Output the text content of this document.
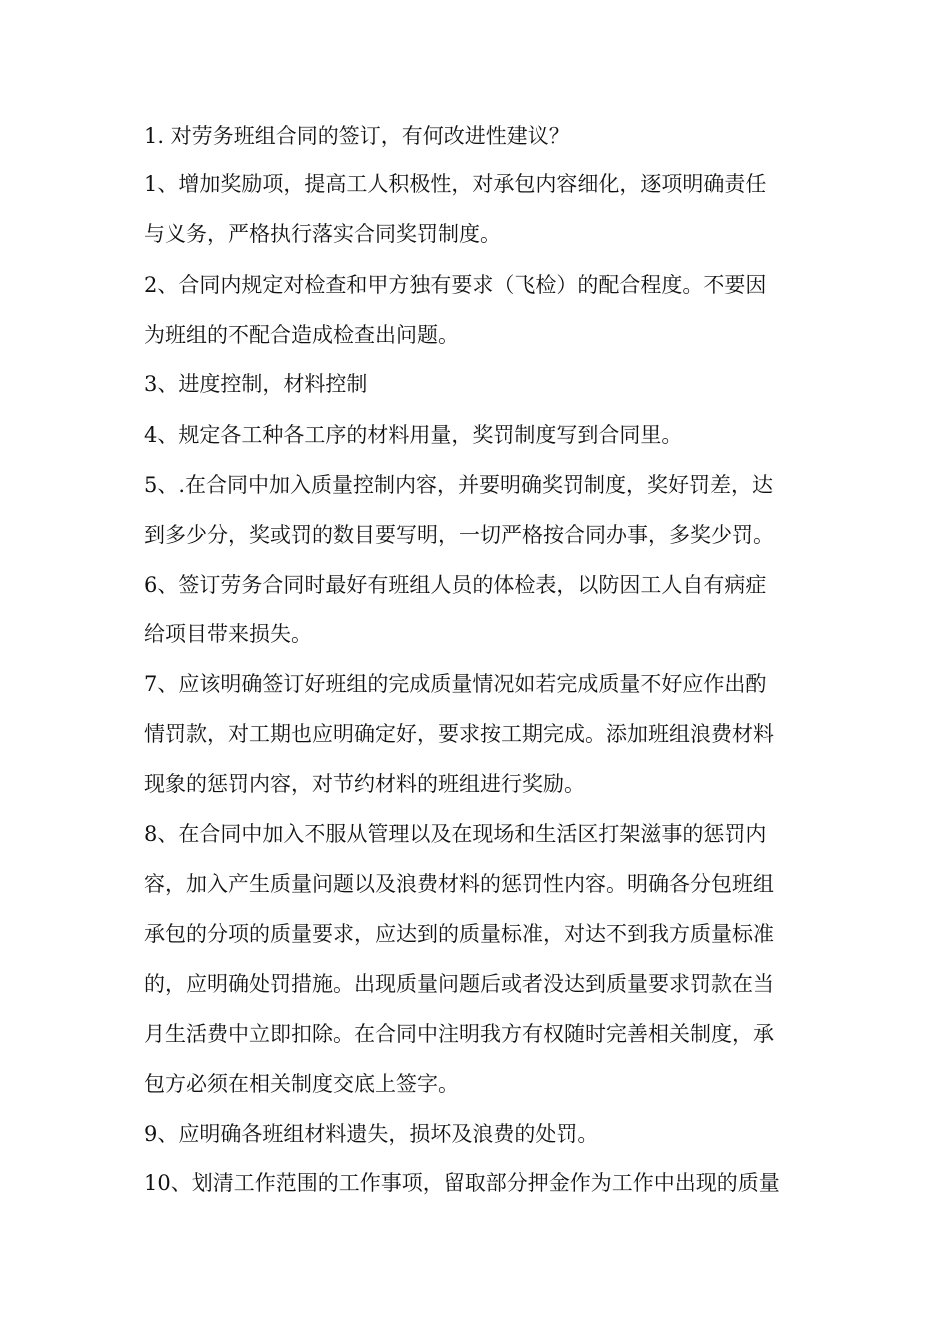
1. 对劳务班组合同的签订，有何改进性建议？
1、增加奖励项，提高工人积极性，对承包内容细化，逐项明确责任
与义务，严格执行落实合同奖罚制度。
2、合同内规定对检查和甲方独有要求（飞检）的配合程度。不要因
为班组的不配合造成检查出问题。
3、进度控制，材料控制
4、规定各工种各工序的材料用量，奖罚制度写到合同里。
5、.在合同中加入质量控制内容，并要明确奖罚制度，奖好罚差，达
到多少分，奖或罚的数目要写明，一切严格按合同办事，多奖少罚。
6、签订劳务合同时最好有班组人员的体检表，以防因工人自有病症
给项目带来损失。
7、应该明确签订好班组的完成质量情况如若完成质量不好应作出酌
情罚款，对工期也应明确定好，要求按工期完成。添加班组浪费材料
现象的惩罚内容，对节约材料的班组进行奖励。
8、在合同中加入不服从管理以及在现场和生活区打架滋事的惩罚内
容，加入产生质量问题以及浪费材料的惩罚性内容。明确各分包班组
承包的分项的质量要求，应达到的质量标准，对达不到我方质量标准
的，应明确处罚措施。出现质量问题后或者没达到质量要求罚款在当
月生活费中立即扣除。在合同中注明我方有权随时完善相关制度，承
包方必须在相关制度交底上签字。
9、应明确各班组材料遗失，损坏及浪费的处罚。
10、划清工作范围的工作事项，留取部分押金作为工作中出现的质量
